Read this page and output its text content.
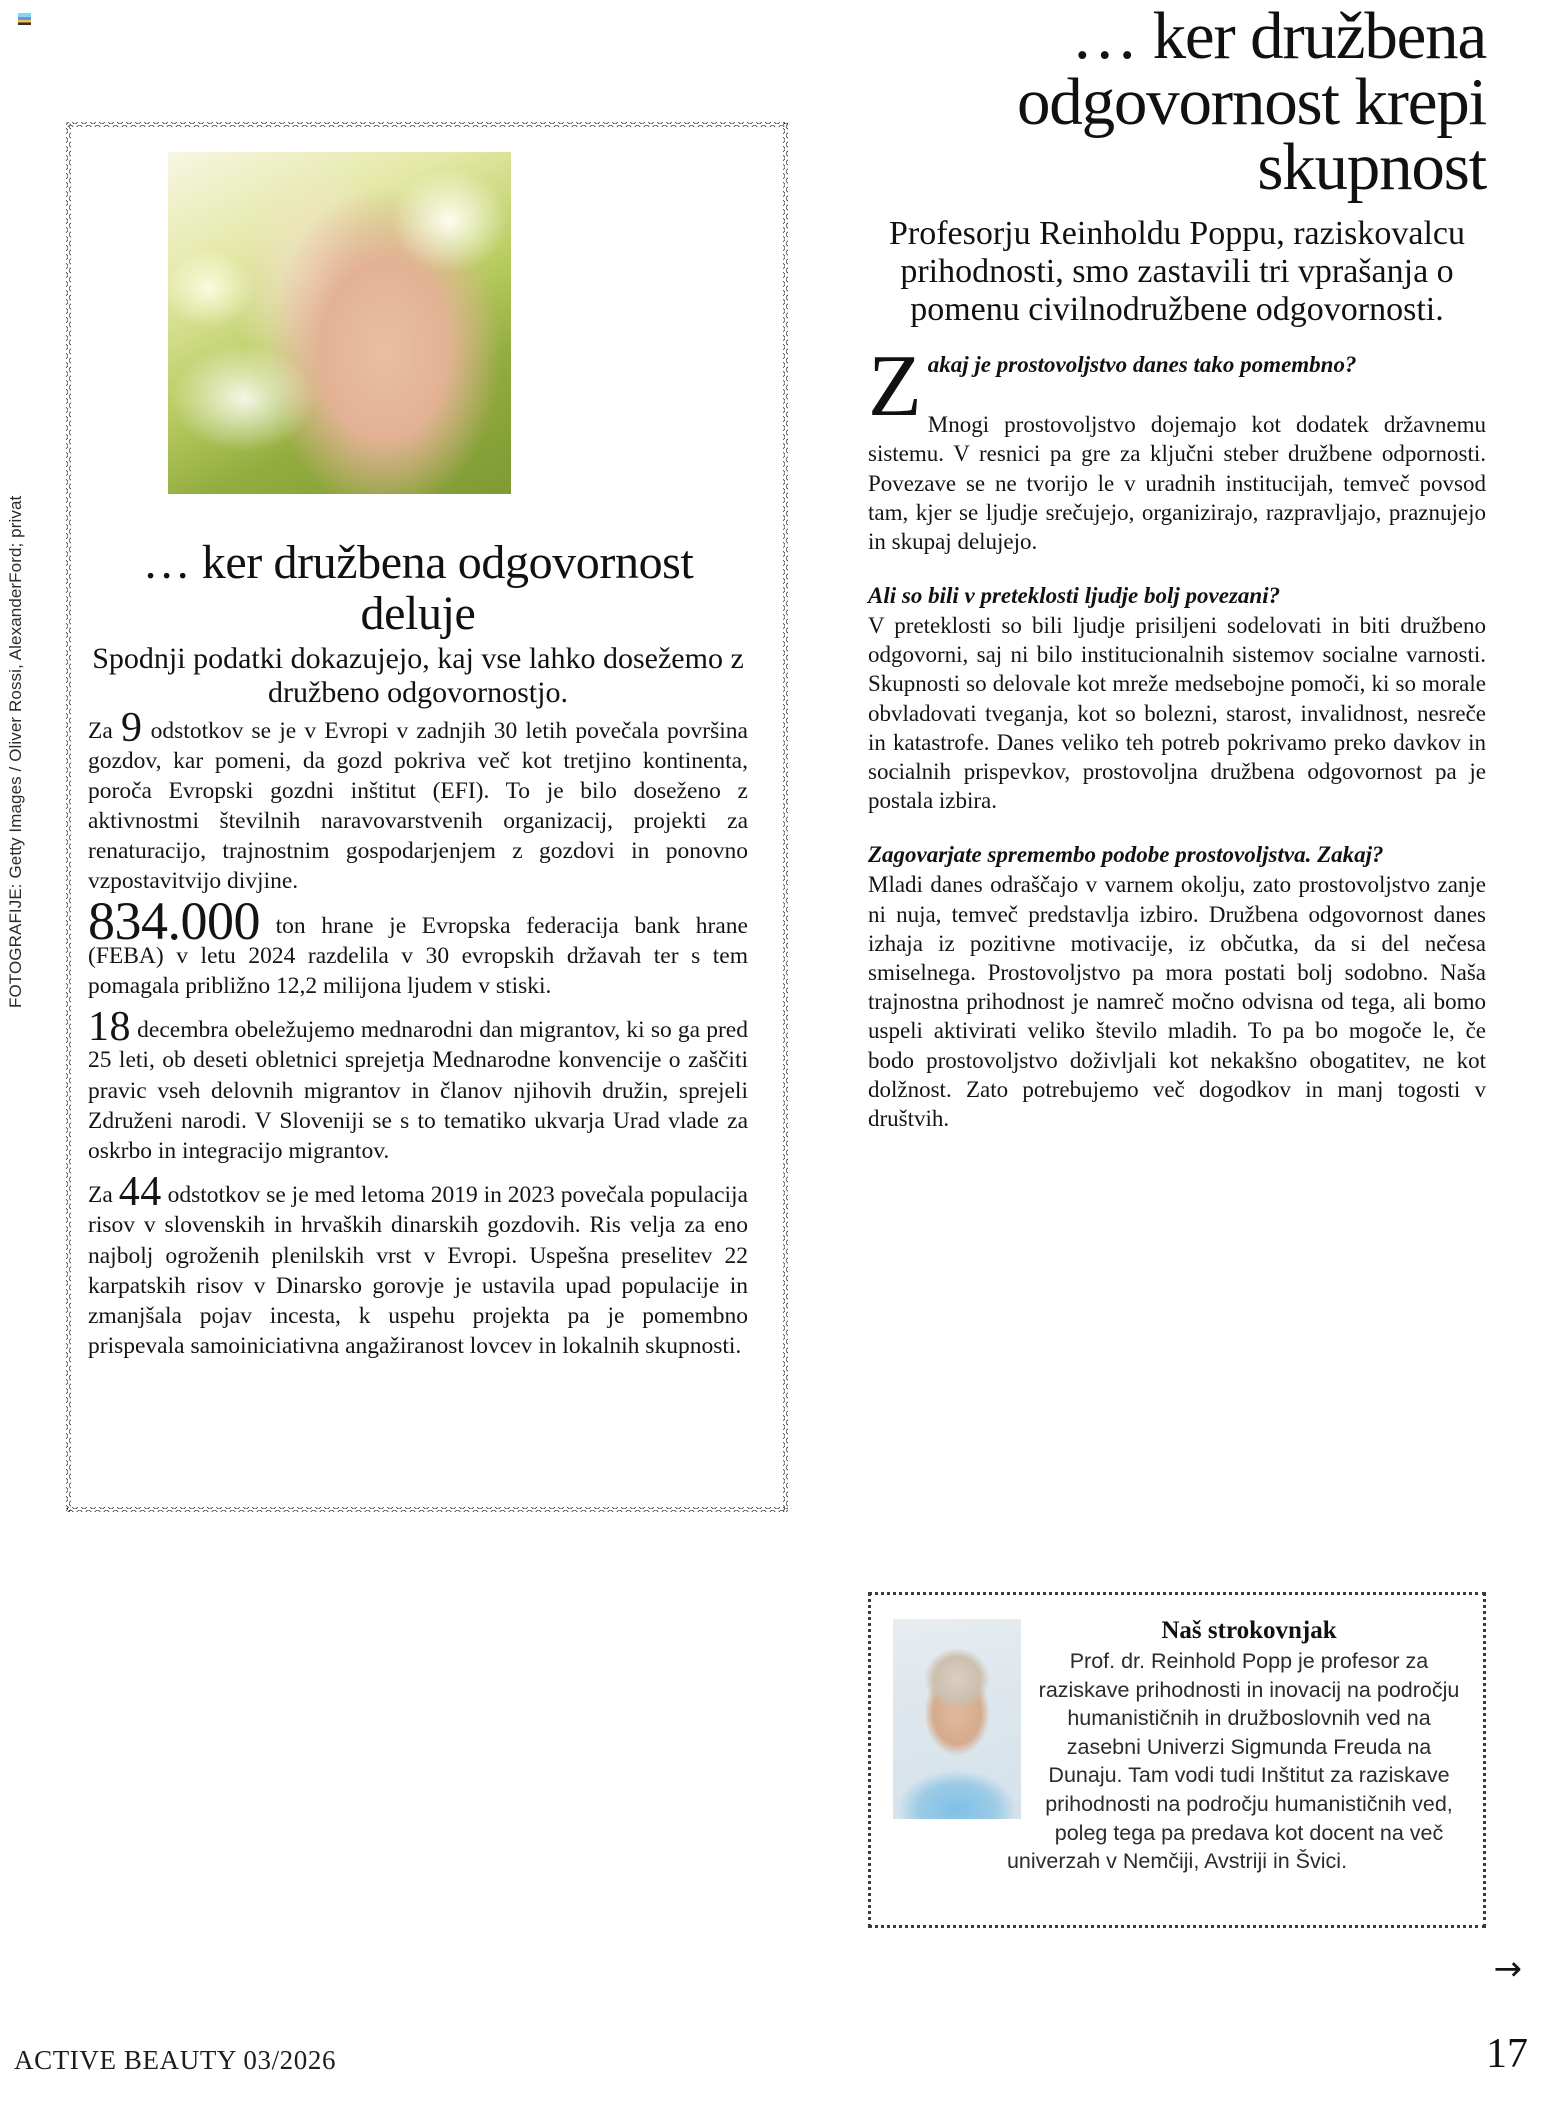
FOTOGRAFIJE: Getty Images / Oliver Rossi, AlexanderFord; privat	… ker družbena odgovornost deluje

Spodnji podatki dokazujejo, kaj vse lahko dosežemo z družbeno odgovornostjo.

Za 9 odstotkov se je v Evropi v zadnjih 30 letih povečala površina gozdov, kar pomeni, da gozd pokriva več kot tretjino kontinenta, poroča Evropski gozdni inštitut (EFI). To je bilo doseženo z aktivnostmi številnih naravovarstvenih organizacij, projekti za renaturacijo, trajnostnim gospodarjenjem z gozdovi in ponovno vzpostavitvijo divjine.

834.000 ton hrane je Evropska federacija bank hrane (FEBA) v letu 2024 razdelila v 30 evropskih državah ter s tem pomagala približno 12,2 milijona ljudem v stiski.

18 decembra obeležujemo mednarodni dan migrantov, ki so ga pred 25 leti, ob deseti obletnici sprejetja Mednarodne konvencije o zaščiti pravic vseh delovnih migrantov in članov njihovih družin, sprejeli Združeni narodi. V Sloveniji se s to tematiko ukvarja Urad vlade za oskrbo in integracijo migrantov.

Za 44 odstotkov se je med letoma 2019 in 2023 povečala populacija risov v slovenskih in hrvaških dinarskih gozdovih. Ris velja za eno najbolj ogroženih plenilskih vrst v Evropi. Uspešna preselitev 22 karpatskih risov v Dinarsko gorovje je ustavila upad populacije in zmanjšala pojav incesta, k uspehu projekta pa je pomembno prispevala samoiniciativna angažiranost lovcev in lokalnih skupnosti.

… ker družbena odgovornost krepi skupnost

Profesorju Reinholdu Poppu, raziskovalcu prihodnosti, smo zastavili tri vprašanja o pomenu civilnodružbene odgovornosti.

Zakaj je prostovoljstvo danes tako pomembno?

Mnogi prostovoljstvo dojemajo kot dodatek državnemu sistemu. V resnici pa gre za ključni steber družbene odpornosti. Povezave se ne tvorijo le v uradnih institucijah, temveč povsod tam, kjer se ljudje srečujejo, organizirajo, razpravljajo, praznujejo in skupaj delujejo.

Ali so bili v preteklosti ljudje bolj povezani?

V preteklosti so bili ljudje prisiljeni sodelovati in biti družbeno odgovorni, saj ni bilo institucionalnih sistemov socialne varnosti. Skupnosti so delovale kot mreže medsebojne pomoči, ki so morale obvladovati tveganja, kot so bolezni, starost, invalidnost, nesreče in katastrofe. Danes veliko teh potreb pokrivamo preko davkov in socialnih prispevkov, prostovoljna družbena odgovornost pa je postala izbira.

Zagovarjate spremembo podobe prostovoljstva. Zakaj?

Mladi danes odraščajo v varnem okolju, zato prostovoljstvo zanje ni nuja, temveč predstavlja izbiro. Družbena odgovornost danes izhaja iz pozitivne motivacije, iz občutka, da si del nečesa smiselnega. Prostovoljstvo pa mora postati bolj sodobno. Naša trajnostna prihodnost je namreč močno odvisna od tega, ali bomo uspeli aktivirati veliko število mladih. To pa bo mogoče le, če bodo prostovoljstvo doživljali kot nekakšno obogatitev, ne kot dolžnost. Zato potrebujemo več dogodkov in manj togosti v društvih.

Naš strokovnjak

Prof. dr. Reinhold Popp je profesor za raziskave prihodnosti in inovacij na področju humanističnih in družboslovnih ved na zasebni Univerzi Sigmunda Freuda na Dunaju. Tam vodi tudi Inštitut za raziskave prihodnosti na področju humanističnih ved, poleg tega pa predava kot docent na več univerzah v Nemčiji, Avstriji in Švici.

→
ACTIVE BEAUTY 03/2026	17
